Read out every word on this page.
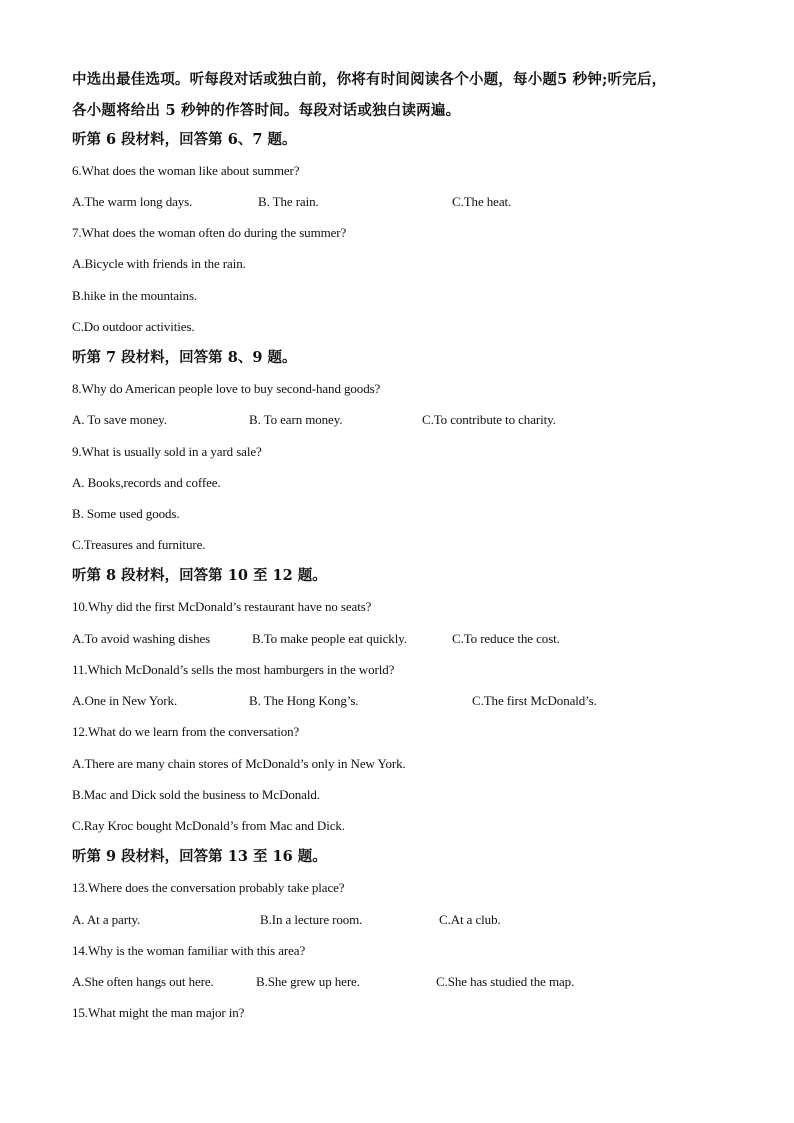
中选出最佳选项。听每段对话或独白前，你将有时间阅读各个小题，每小题5 秒钟;听完后，
各小题将给出 5 秒钟的作答时间。每段对话或独白读两遍。
听第 6 段材料，回答第 6、7 题。
6.What does the woman like about summer?
A.The warm long days.	B. The rain.	C.The heat.
7.What does the woman often do during the summer?
A.Bicycle with friends in the rain.
B.hike in the mountains.
C.Do outdoor activities.
听第 7 段材料，回答第 8、9 题。
8.Why do American people love to buy second-hand goods?
A. To save money.	B. To earn money.	C.To contribute to charity.
9.What is usually sold in a yard sale?
A. Books,records and coffee.
B. Some used goods.
C.Treasures and furniture.
听第 8 段材料，回答第 10 至 12 题。
10.Why did the first McDonald’s restaurant have no seats?
A.To avoid washing dishes	B.To make people eat quickly.	C.To reduce the cost.
11.Which McDonald’s sells the most hamburgers in the world?
A.One in New York.	B. The Hong Kong’s.	C.The first McDonald’s.
12.What do we learn from the conversation?
A.There are many chain stores of McDonald’s only in New York.
B.Mac and Dick sold the business to McDonald.
C.Ray Kroc bought McDonald’s from Mac and Dick.
听第 9 段材料，回答第 13 至 16 题。
13.Where does the conversation probably take place?
A. At a party.	B.In a lecture room.	C.At a club.
14.Why is the woman familiar with this area?
A.She often hangs out here.	B.She grew up here.	C.She has studied the map.
15.What might the man major in?
